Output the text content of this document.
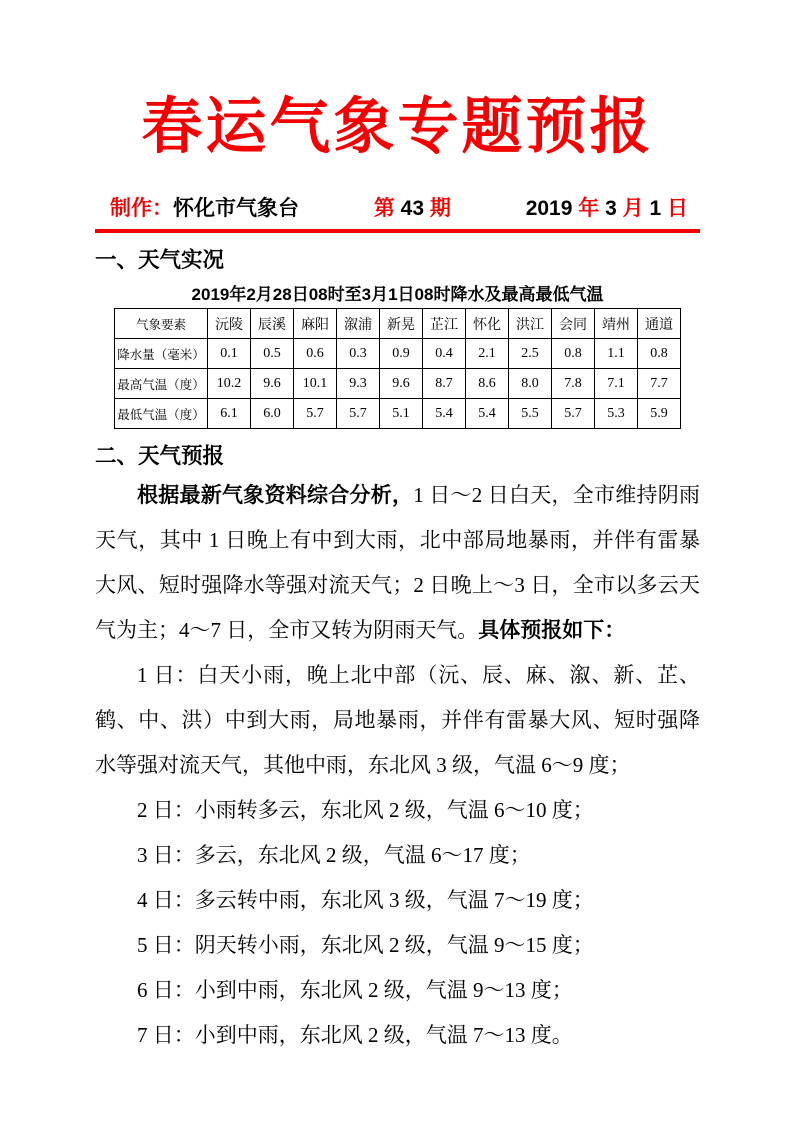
春运气象专题预报
制作：怀化市气象台	第 43 期	2019 年 3 月 1 日
一、天气实况
2019年2月28日08时至3月1日08时降水及最高最低气温
气象要素	沅陵	辰溪	麻阳	溆浦	新晃	芷江	怀化	洪江	会同	靖州	通道
降水量（毫米）	0.1	0.5	0.6	0.3	0.9	0.4	2.1	2.5	0.8	1.1	0.8
最高气温（度）	10.2	9.6	10.1	9.3	9.6	8.7	8.6	8.0	7.8	7.1	7.7
最低气温（度）	6.1	6.0	5.7	5.7	5.1	5.4	5.4	5.5	5.7	5.3	5.9
二、天气预报

根据最新气象资料综合分析，1 日～2 日白天，全市维持阴雨天气，其中 1 日晚上有中到大雨，北中部局地暴雨，并伴有雷暴大风、短时强降水等强对流天气；2 日晚上～3 日，全市以多云天气为主；4～7 日，全市又转为阴雨天气。具体预报如下：

1 日：白天小雨，晚上北中部（沅、辰、麻、溆、新、芷、鹤、中、洪）中到大雨，局地暴雨，并伴有雷暴大风、短时强降水等强对流天气，其他中雨，东北风 3 级，气温 6～9 度；

2 日：小雨转多云，东北风 2 级，气温 6～10 度；

3 日：多云，东北风 2 级，气温 6～17 度；

4 日：多云转中雨，东北风 3 级，气温 7～19 度；

5 日：阴天转小雨，东北风 2 级，气温 9～15 度；

6 日：小到中雨，东北风 2 级，气温 9～13 度；

7 日：小到中雨，东北风 2 级，气温 7～13 度。
